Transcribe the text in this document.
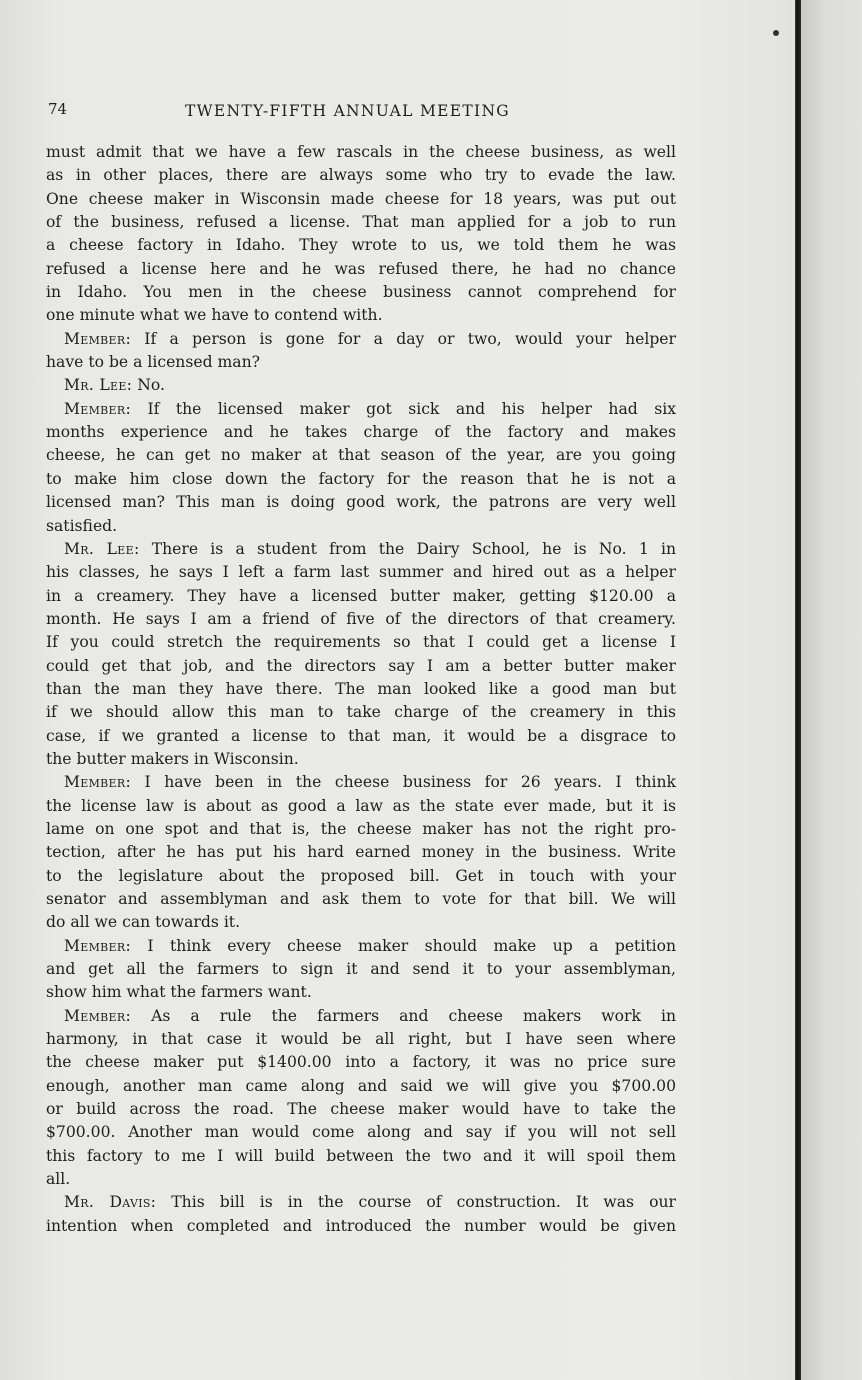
74	TWENTY-FIFTH ANNUAL MEETING
must admit that we have a few rascals in the cheese business, as well
as in other places, there are always some who try to evade the law.
One cheese maker in Wisconsin made cheese for 18 years, was put out
of the business, refused a license. That man applied for a job to run
a cheese factory in Idaho. They wrote to us, we told them he was
refused a license here and he was refused there, he had no chance
in Idaho. You men in the cheese business cannot comprehend for
one minute what we have to contend with.
Member: If a person is gone for a day or two, would your helper
have to be a licensed man?
Mr. Lee: No.
Member: If the licensed maker got sick and his helper had six
months experience and he takes charge of the factory and makes
cheese, he can get no maker at that season of the year, are you going
to make him close down the factory for the reason that he is not a
licensed man? This man is doing good work, the patrons are very well
satisfied.
Mr. Lee: There is a student from the Dairy School, he is No. 1 in
his classes, he says I left a farm last summer and hired out as a helper
in a creamery. They have a licensed butter maker, getting $120.00 a
month. He says I am a friend of five of the directors of that creamery.
If you could stretch the requirements so that I could get a license I
could get that job, and the directors say I am a better butter maker
than the man they have there. The man looked like a good man but
if we should allow this man to take charge of the creamery in this
case, if we granted a license to that man, it would be a disgrace to
the butter makers in Wisconsin.
Member: I have been in the cheese business for 26 years. I think
the license law is about as good a law as the state ever made, but it is
lame on one spot and that is, the cheese maker has not the right pro-
tection, after he has put his hard earned money in the business. Write
to the legislature about the proposed bill. Get in touch with your
senator and assemblyman and ask them to vote for that bill. We will
do all we can towards it.
Member: I think every cheese maker should make up a petition
and get all the farmers to sign it and send it to your assemblyman,
show him what the farmers want.
Member: As a rule the farmers and cheese makers work in
harmony, in that case it would be all right, but I have seen where
the cheese maker put $1400.00 into a factory, it was no price sure
enough, another man came along and said we will give you $700.00
or build across the road. The cheese maker would have to take the
$700.00. Another man would come along and say if you will not sell
this factory to me I will build between the two and it will spoil them
all.
Mr. Davis: This bill is in the course of construction. It was our
intention when completed and introduced the number would be given
